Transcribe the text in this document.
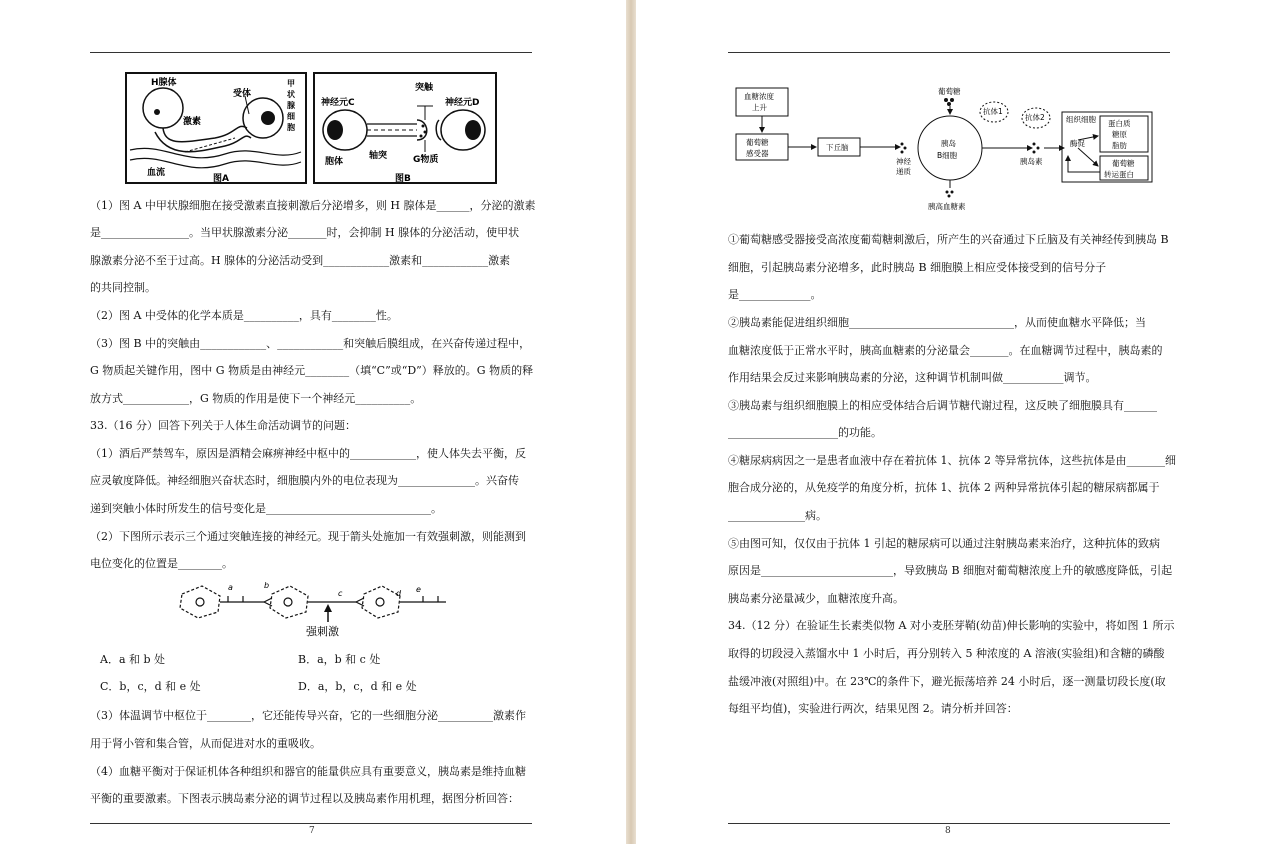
H腺体
受体
激素
血流
图A
甲
状
腺
细
胞
突触
神经元C	神经元D
胞体
轴突	G物质
图B
（1）图 A 中甲状腺细胞在接受激素直接刺激后分泌增多，则 H 腺体是______，分泌的激素
是________________。当甲状腺激素分泌_______时，会抑制 H 腺体的分泌活动，使甲状
腺激素分泌不至于过高。H 腺体的分泌活动受到____________激素和____________激素
的共同控制。
（2）图 A 中受体的化学本质是__________，具有________性。
（3）图 B 中的突触由____________、____________和突触后膜组成，在兴奋传递过程中，
G 物质起关键作用，图中 G 物质是由神经元________（填“C”或“D”）释放的。G 物质的释
放方式____________，G 物质的作用是使下一个神经元__________。
33.（16 分）回答下列关于人体生命活动调节的问题：
（1）酒后严禁驾车，原因是酒精会麻痹神经中枢中的____________，使人体失去平衡，反
应灵敏度降低。神经细胞兴奋状态时，细胞膜内外的电位表现为______________。兴奋传
递到突触小体时所发生的信号变化是______________________________。
（2）下图所示表示三个通过突触连接的神经元。现于箭头处施加一有效强刺激，则能测到
电位变化的位置是________。
a	b
c	d e
强刺激
A．a 和 b 处	B．a，b 和 c 处
C．b，c，d 和 e 处	D．a，b，c，d 和 e 处
（3）体温调节中枢位于________，它还能传导兴奋，它的一些细胞分泌__________激素作
用于肾小管和集合管，从而促进对水的重吸收。
（4）血糖平衡对于保证机体各种组织和器官的能量供应具有重要意义，胰岛素是维持血糖
平衡的重要激素。下图表示胰岛素分泌的调节过程以及胰岛素作用机理，据图分析回答：
7
血糖浓度
上升
葡萄糖
感受器
下丘脑
神经
递质
葡萄糖
抗体1
抗体2
胰岛
B细胞
胰高血糖素
胰岛素
组织细胞
酶促
蛋白质
糖原
脂肪
葡萄糖
转运蛋白
①葡萄糖感受器接受高浓度葡萄糖刺激后，所产生的兴奋通过下丘脑及有关神经传到胰岛 B
细胞，引起胰岛素分泌增多，此时胰岛 B 细胞膜上相应受体接受到的信号分子
是_____________。
②胰岛素能促进组织细胞______________________________，从而使血糖水平降低；当
血糖浓度低于正常水平时，胰高血糖素的分泌量会_______。在血糖调节过程中，胰岛素的
作用结果会反过来影响胰岛素的分泌，这种调节机制叫做___________调节。
③胰岛素与组织细胞膜上的相应受体结合后调节糖代谢过程，这反映了细胞膜具有______
____________________的功能。
④糖尿病病因之一是患者血液中存在着抗体 1、抗体 2 等异常抗体，这些抗体是由_______细
胞合成分泌的，从免疫学的角度分析，抗体 1、抗体 2 两种异常抗体引起的糖尿病都属于
______________病。
⑤由图可知，仅仅由于抗体 1 引起的糖尿病可以通过注射胰岛素来治疗，这种抗体的致病
原因是________________________，导致胰岛 B 细胞对葡萄糖浓度上升的敏感度降低，引起
胰岛素分泌量减少，血糖浓度升高。
34.（12 分）在验证生长素类似物 A 对小麦胚芽鞘(幼苗)伸长影响的实验中，将如图 1 所示
取得的切段浸入蒸馏水中 1 小时后，再分别转入 5 种浓度的 A 溶液(实验组)和含糖的磷酸
盐缓冲液(对照组)中。在 23℃的条件下，避光振荡培养 24 小时后，逐一测量切段长度(取
每组平均值)，实验进行两次，结果见图 2。请分析并回答：
8
